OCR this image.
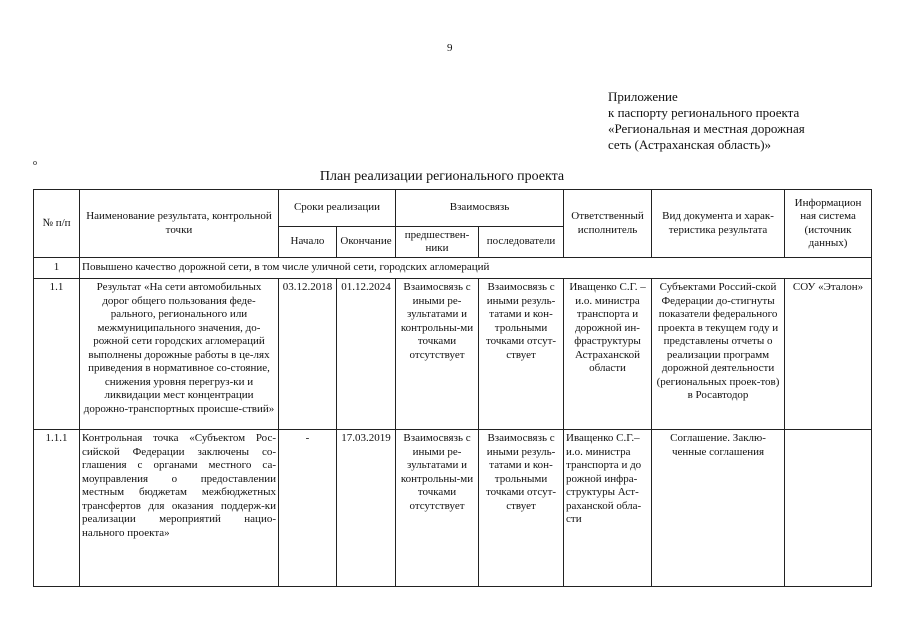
9
Приложение
к паспорту регионального проекта
«Региональная и местная дорожная
сеть (Астраханская область)»
о
План реализации регионального проекта
№ п/п	Наименование результата, контрольной точки	Сроки реализации		Взаимосвязь		Ответственный исполнитель	Вид документа и харак-теристика результата	Информацион ная система (источник данных)
		Начало	Окончание	предшествен-ники	последователи			
1	Повышено качество дорожной сети, в том числе уличной сети, городских агломераций							
1.1	Результат «На сети автомобильных дорог общего пользования феде-рального, регионального или межмуниципального значения, до-рожной сети городских агломераций выполнены дорожные работы в це-лях приведения в нормативное со-стояние, снижения уровня перегруз-ки и ликвидации мест концентрации дорожно-транспортных происше-ствий»	03.12.2018	01.12.2024	Взаимосвязь с иными ре-зультатами и контрольны-ми точками отсутствует	Взаимосвязь с иными резуль-татами и кон-трольными точками отсут-ствует	Иващенко С.Г. – и.о. министра транспорта и дорожной ин-фраструктуры Астраханской области	Субъектами Россий-ской Федерации до-стигнуты показатели федерального проекта в текущем году и представлены отчеты о реализации программ дорожной деятельности (региональных проек-тов) в Росавтодор	СОУ «Эталон»
1.1.1	Контрольная точка «Субъектом Рос-сийской Федерации заключены со-глашения с органами местного са-моуправления о предоставлении местным бюджетам межбюджетных трансфертов для оказания поддерж-ки реализации мероприятий нацио-нального проекта»	-	17.03.2019	Взаимосвязь с иными ре-зультатами и контрольны-ми точками отсутствует	Взаимосвязь с иными резуль-татами и кон-трольными точками отсут-ствует	Иващенко С.Г.– и.о. министра транспорта и до рожной инфра-структуры Аст-раханской обла-сти	Соглашение. Заклю-ченные соглашения	
